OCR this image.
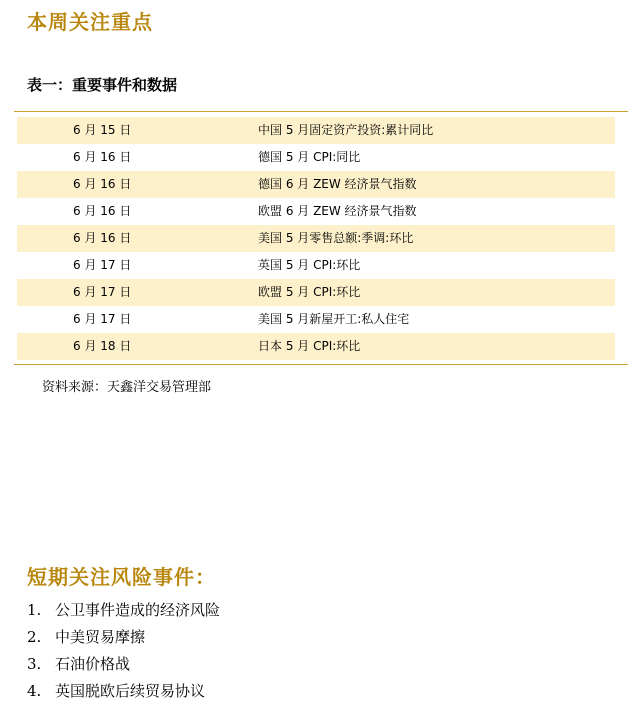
本周关注重点
表一：重要事件和数据
6 月 15 日	中国 5 月固定资产投资:累计同比
6 月 16 日	德国 5 月 CPI:同比
6 月 16 日	德国 6 月 ZEW 经济景气指数
6 月 16 日	欧盟 6 月 ZEW 经济景气指数
6 月 16 日	美国 5 月零售总额:季调:环比
6 月 17 日	英国 5 月 CPI:环比
6 月 17 日	欧盟 5 月 CPI:环比
6 月 17 日	美国 5 月新屋开工:私人住宅
6 月 18 日	日本 5 月 CPI:环比
资料来源：天鑫洋交易管理部
短期关注风险事件：
1. 公卫事件造成的经济风险
2. 中美贸易摩擦
3. 石油价格战
4. 英国脱欧后续贸易协议
